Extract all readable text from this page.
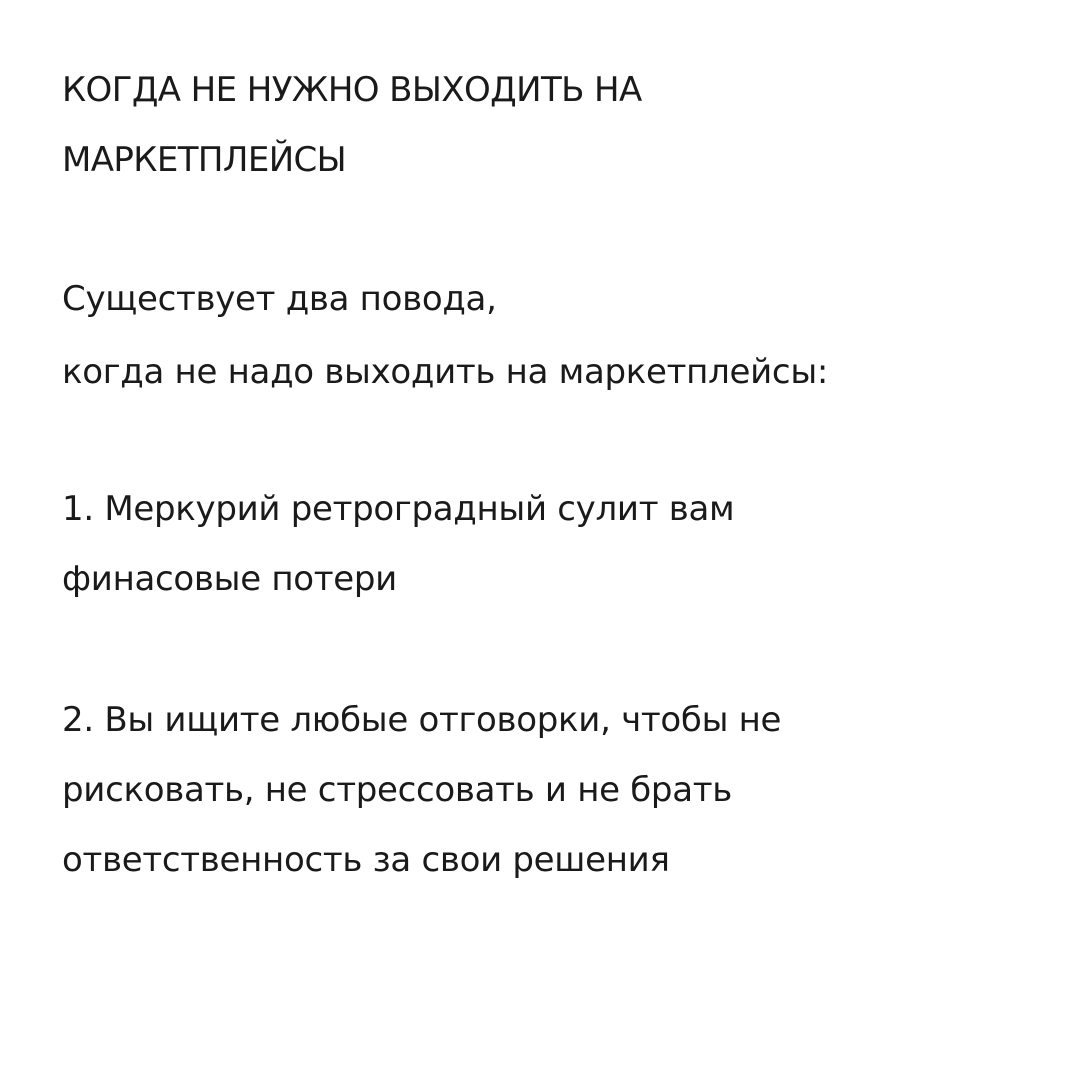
КОГДА НЕ НУЖНО ВЫХОДИТЬ НА
МАРКЕТПЛЕЙСЫ
Существует два повода,
когда не надо выходить на маркетплейсы:
1. Меркурий ретроградный сулит вам
финасовые потери
2. Вы ищите любые отговорки, чтобы не
рисковать, не стрессовать и не брать
ответственность за свои решения
